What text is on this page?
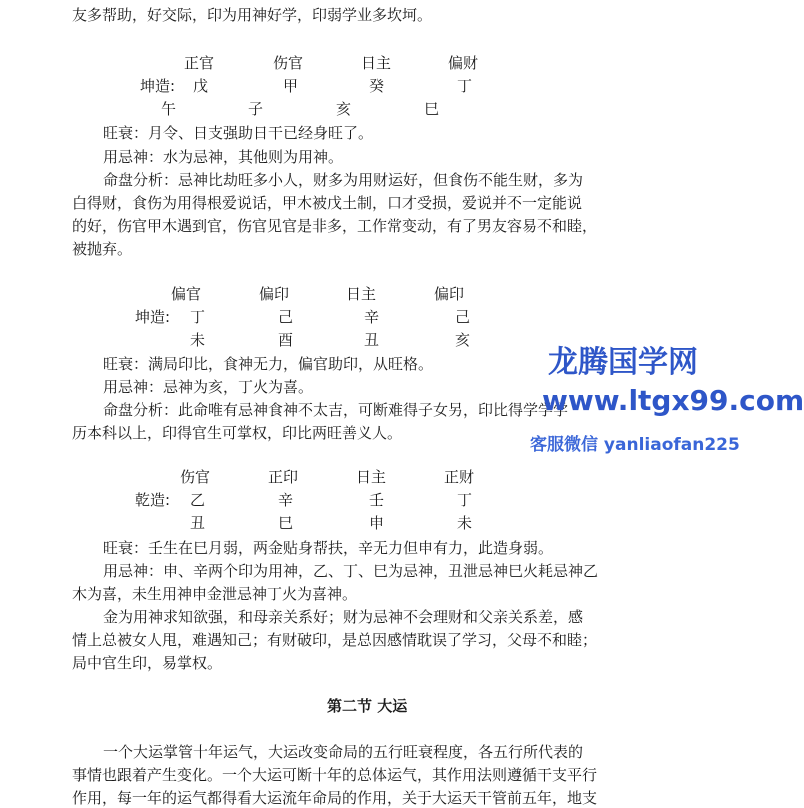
友多帮助，好交际，印为用神好学，印弱学业多坎坷。
正官	伤官	日主	偏财
坤造: 戊	甲	癸	丁
午	子	亥	巳
旺衰：月令、日支强助日干已经身旺了。
用忌神：水为忌神，其他则为用神。
命盘分析：忌神比劫旺多小人，财多为用财运好，但食伤不能生财，多为
白得财，食伤为用得根爱说话，甲木被戊土制，口才受损，爱说并不一定能说
的好，伤官甲木遇到官，伤官见官是非多，工作常变动，有了男友容易不和睦，
被抛弃。
偏官	偏印	日主	偏印
坤造: 丁	己	辛	己
未	酉	丑	亥
旺衰：满局印比，食神无力，偏官助印，从旺格。
用忌神：忌神为亥，丁火为喜。
命盘分析：此命唯有忌神食神不太吉，可断难得子女另，印比得学学学
历本科以上，印得官生可掌权，印比两旺善义人。
伤官	正印	日主	正财
乾造: 乙	辛	壬	丁
丑	巳	申	未
旺衰：壬生在巳月弱，两金贴身帮扶，辛无力但申有力，此造身弱。
用忌神：申、辛两个印为用神，乙、丁、巳为忌神，丑泄忌神巳火耗忌神乙
木为喜，未生用神申金泄忌神丁火为喜神。
金为用神求知欲强，和母亲关系好；财为忌神不会理财和父亲关系差，感
情上总被女人甩，难遇知己；有财破印，是总因感情耽误了学习，父母不和睦；
局中官生印，易掌权。
第二节 大运
一个大运掌管十年运气，大运改变命局的五行旺衰程度，各五行所代表的
事情也跟着产生变化。一个大运可断十年的总体运气，其作用法则遵循干支平行
作用，每一年的运气都得看大运流年命局的作用，关于大运天干管前五年，地支
龙腾国学网
www.ltgx99.com
客服微信 yanliaofan225
